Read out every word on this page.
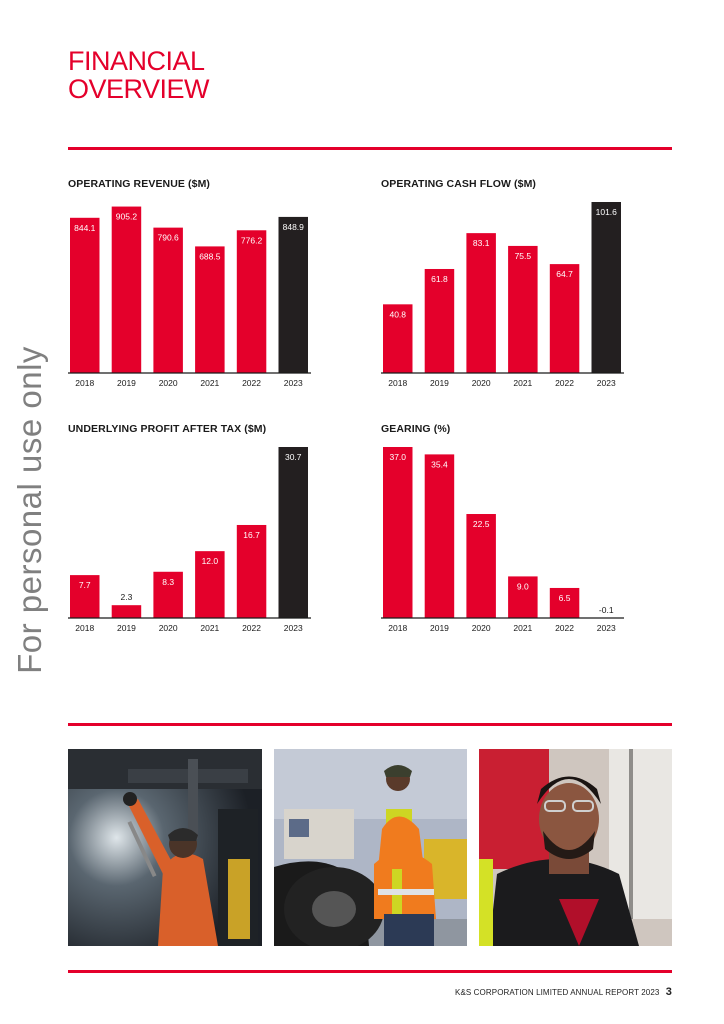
FINANCIAL
OVERVIEW
For personal use only
OPERATING REVENUE ($M)
844.1
2018
905.2
2019
790.6
2020
688.5
2021
776.2
2022
848.9
2023
OPERATING CASH FLOW ($M)
40.8
2018
61.8
2019
83.1
2020
75.5
2021
64.7
2022
101.6
2023
UNDERLYING PROFIT AFTER TAX ($M)
7.7
2018
2.3
2019
8.3
2020
12.0
2021
16.7
2022
30.7
2023
GEARING (%)
37.0
2018
35.4
2019
22.5
2020
9.0
2021
6.5
2022
-0.1
2023
K&S CORPORATION LIMITED ANNUAL REPORT 2023 3
